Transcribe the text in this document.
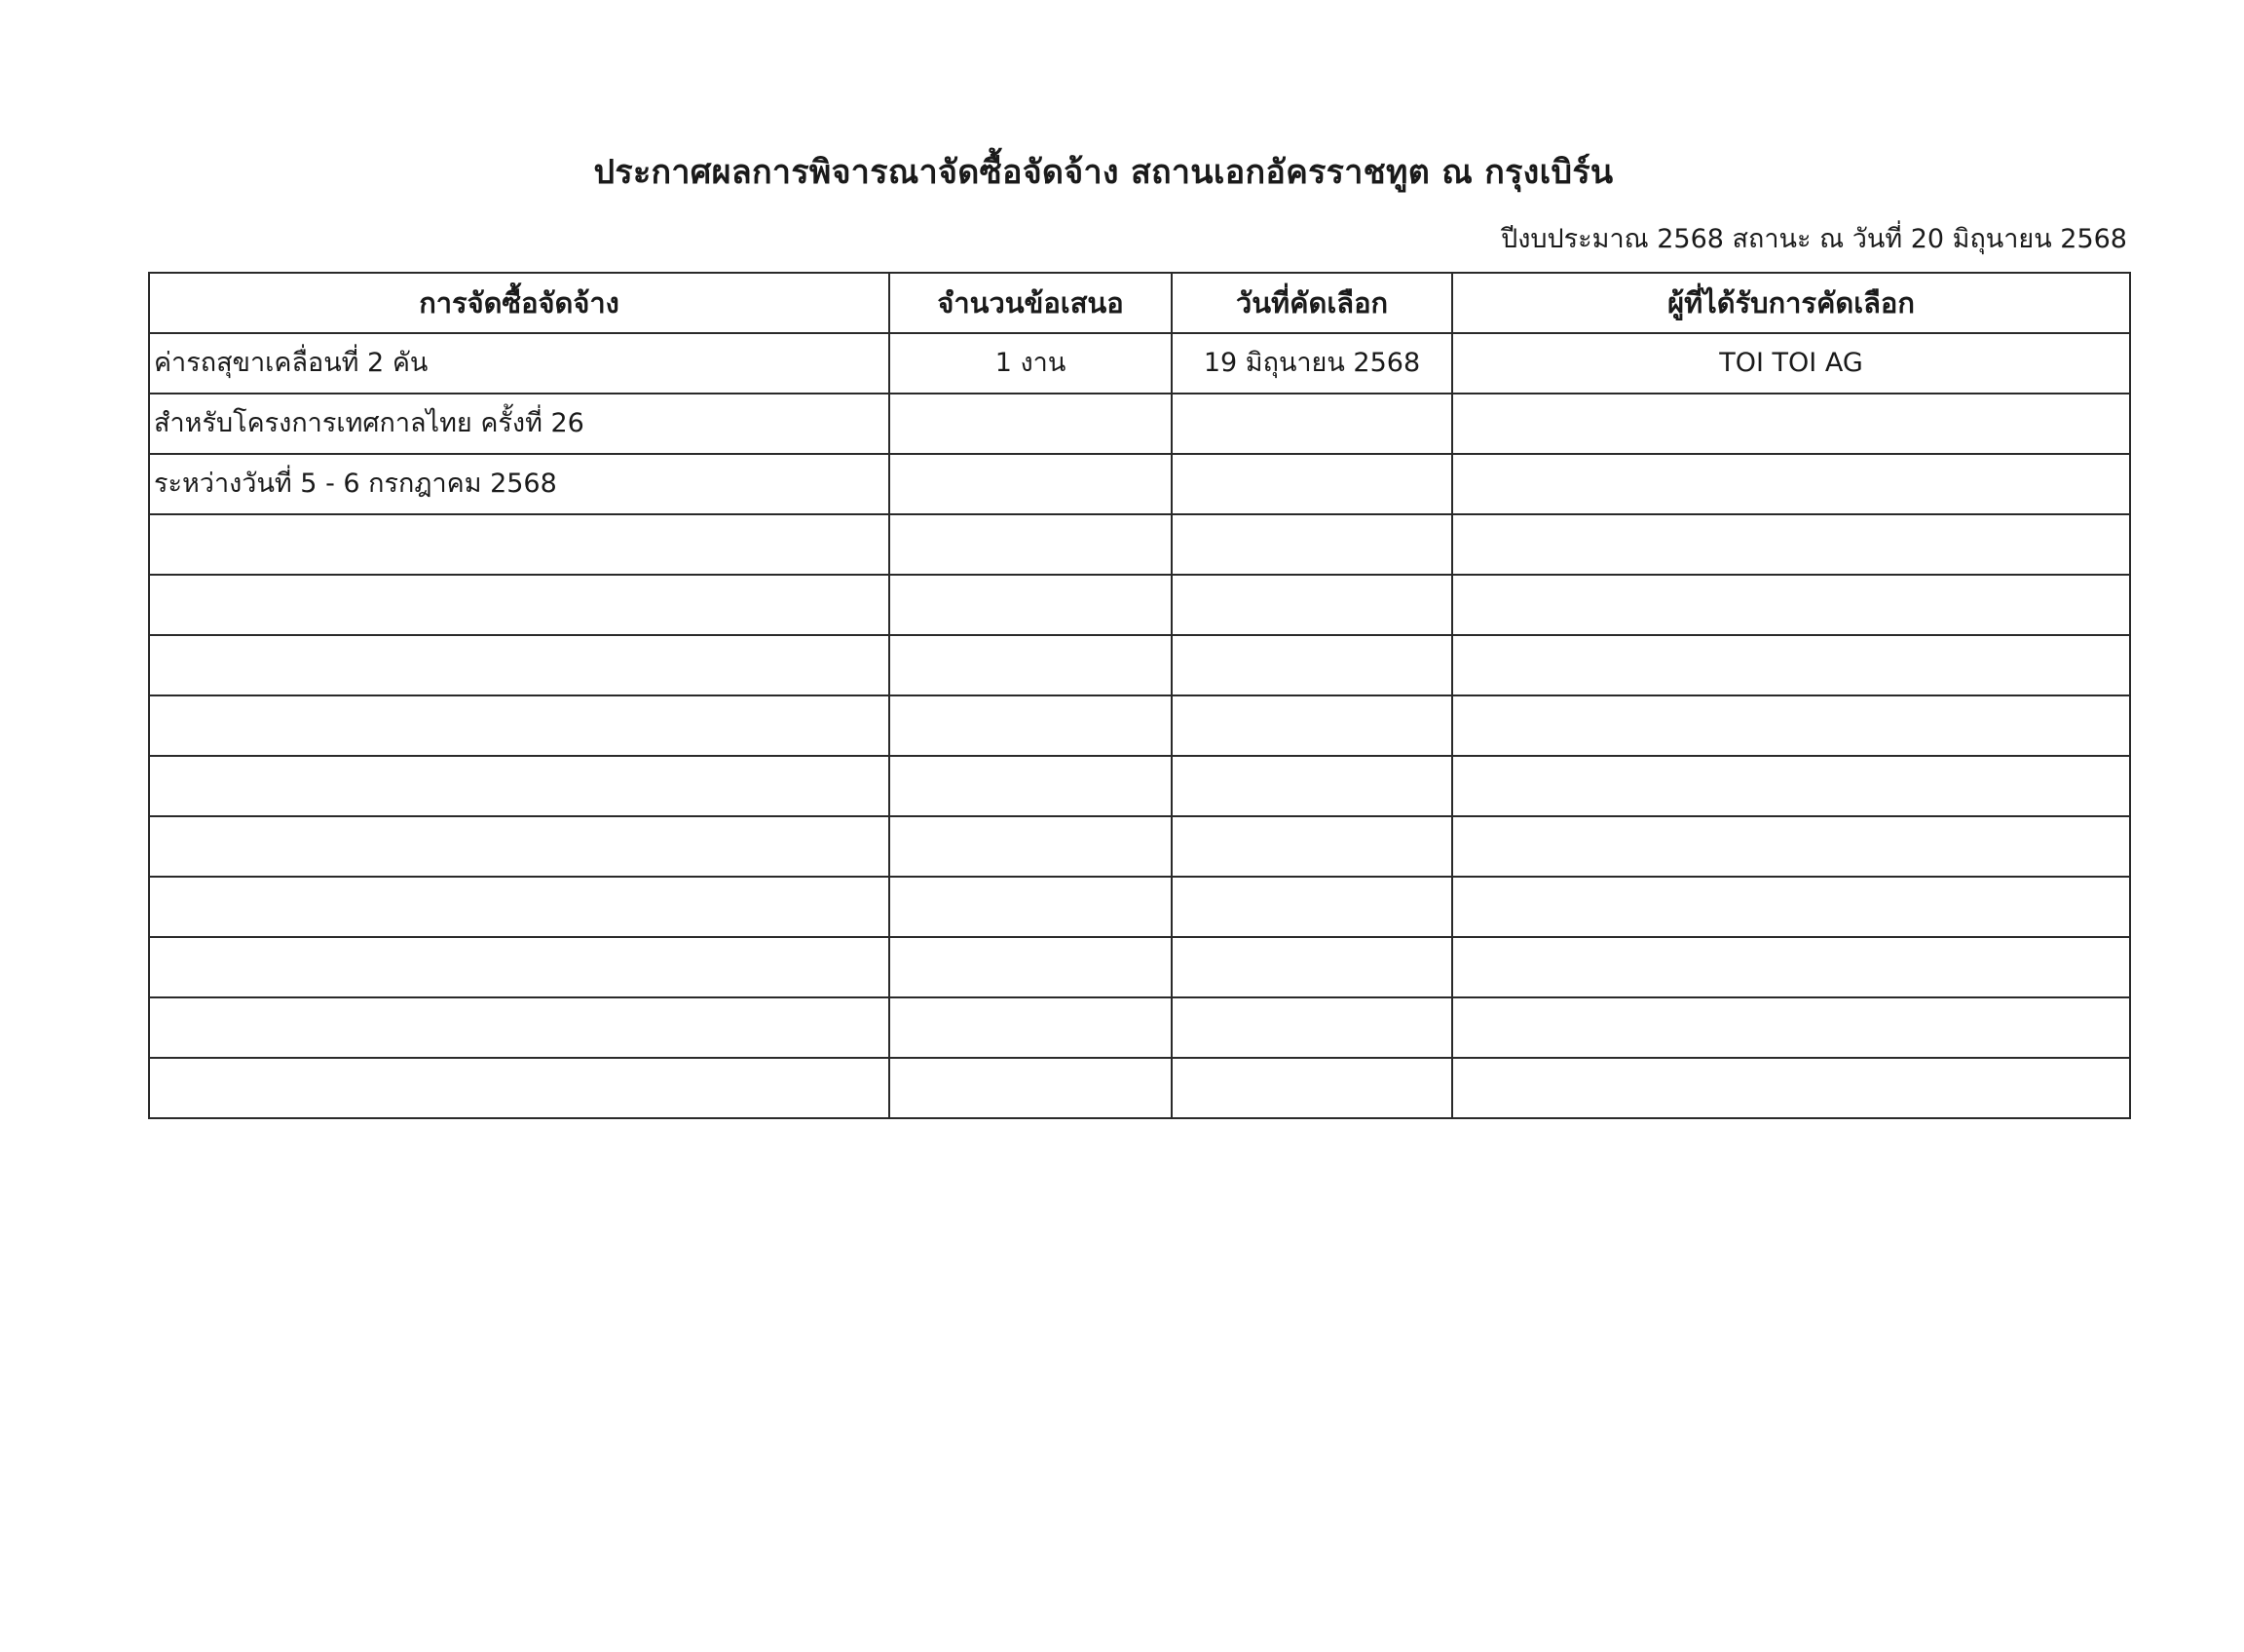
ประกาศผลการพิจารณาจัดซื้อจัดจ้าง สถานเอกอัครราชทูต ณ กรุงเบิร์น
ปีงบประมาณ 2568 สถานะ ณ วันที่ 20 มิถุนายน 2568
การจัดซื้อจัดจ้าง	จำนวนข้อเสนอ	วันที่คัดเลือก	ผู้ที่ได้รับการคัดเลือก
ค่ารถสุขาเคลื่อนที่ 2 คัน	1 งาน	19 มิถุนายน 2568	TOI TOI AG
สำหรับโครงการเทศกาลไทย ครั้งที่ 26			
ระหว่างวันที่ 5 - 6 กรกฎาคม 2568			
